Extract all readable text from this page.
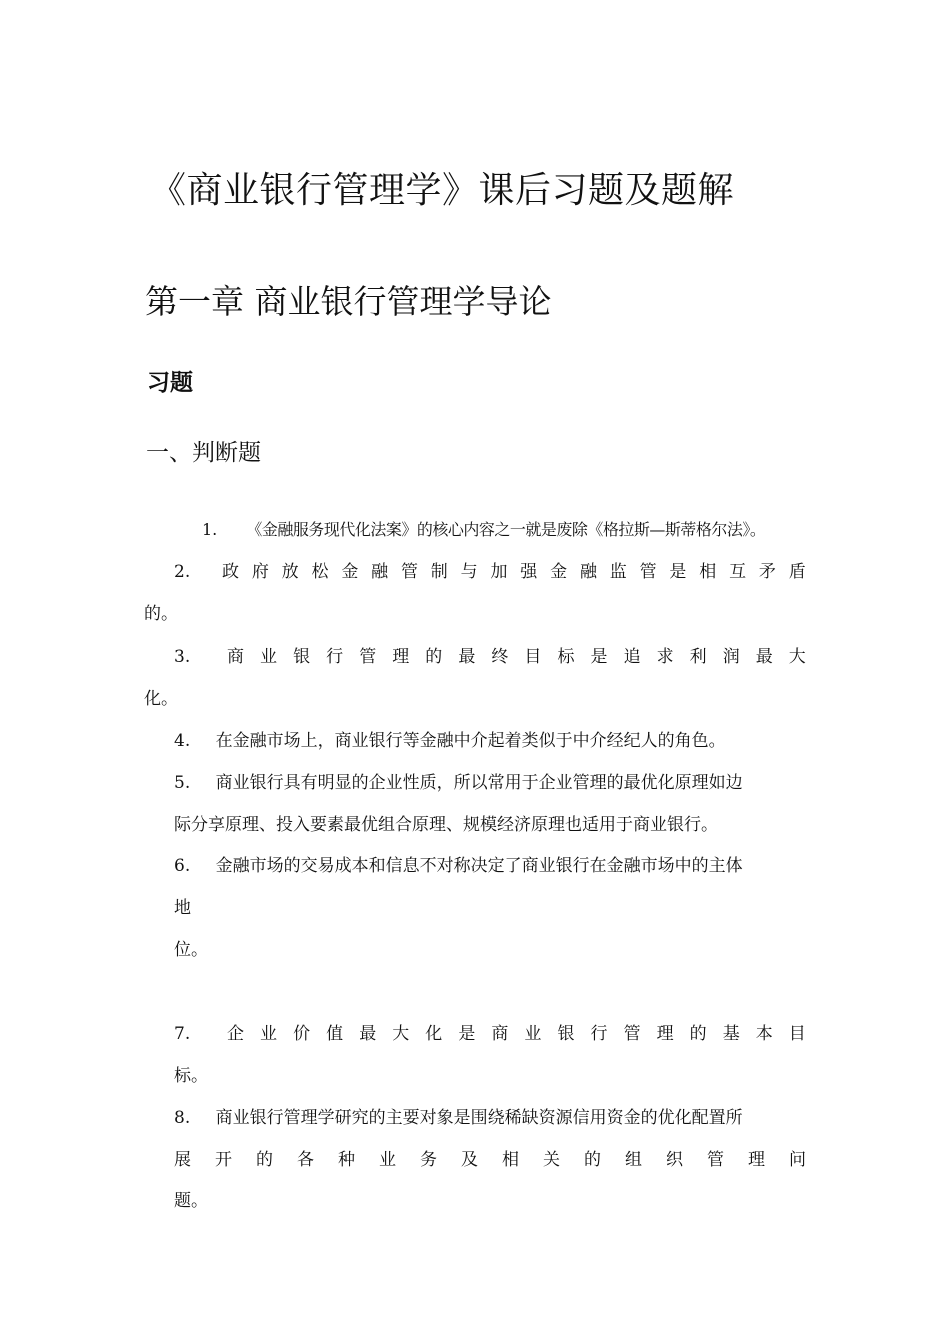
《商业银行管理学》课后习题及题解
第一章 商业银行管理学导论
习题
一、判断题
1. 《金融服务现代化法案》的核心内容之一就是废除《格拉斯—斯蒂格尔法》。
2. 政 府 放 松 金 融 管 制 与 加 强 金 融 监 管 是 相 互 矛 盾
的。
3. 商 业 银 行 管 理 的 最 终 目 标 是 追 求 利 润 最 大
化。
4. 在金融市场上，商业银行等金融中介起着类似于中介经纪人的角色。
5. 商业银行具有明显的企业性质，所以常用于企业管理的最优化原理如边
际分享原理、投入要素最优组合原理、规模经济原理也适用于商业银行。
6. 金融市场的交易成本和信息不对称决定了商业银行在金融市场中的主体
地
位。
7. 企 业 价 值 最 大 化 是 商 业 银 行 管 理 的 基 本 目
标。
8. 商业银行管理学研究的主要对象是围绕稀缺资源信用资金的优化配置所
展 开 的 各 种 业 务 及 相 关 的 组 织 管 理 问
题。
